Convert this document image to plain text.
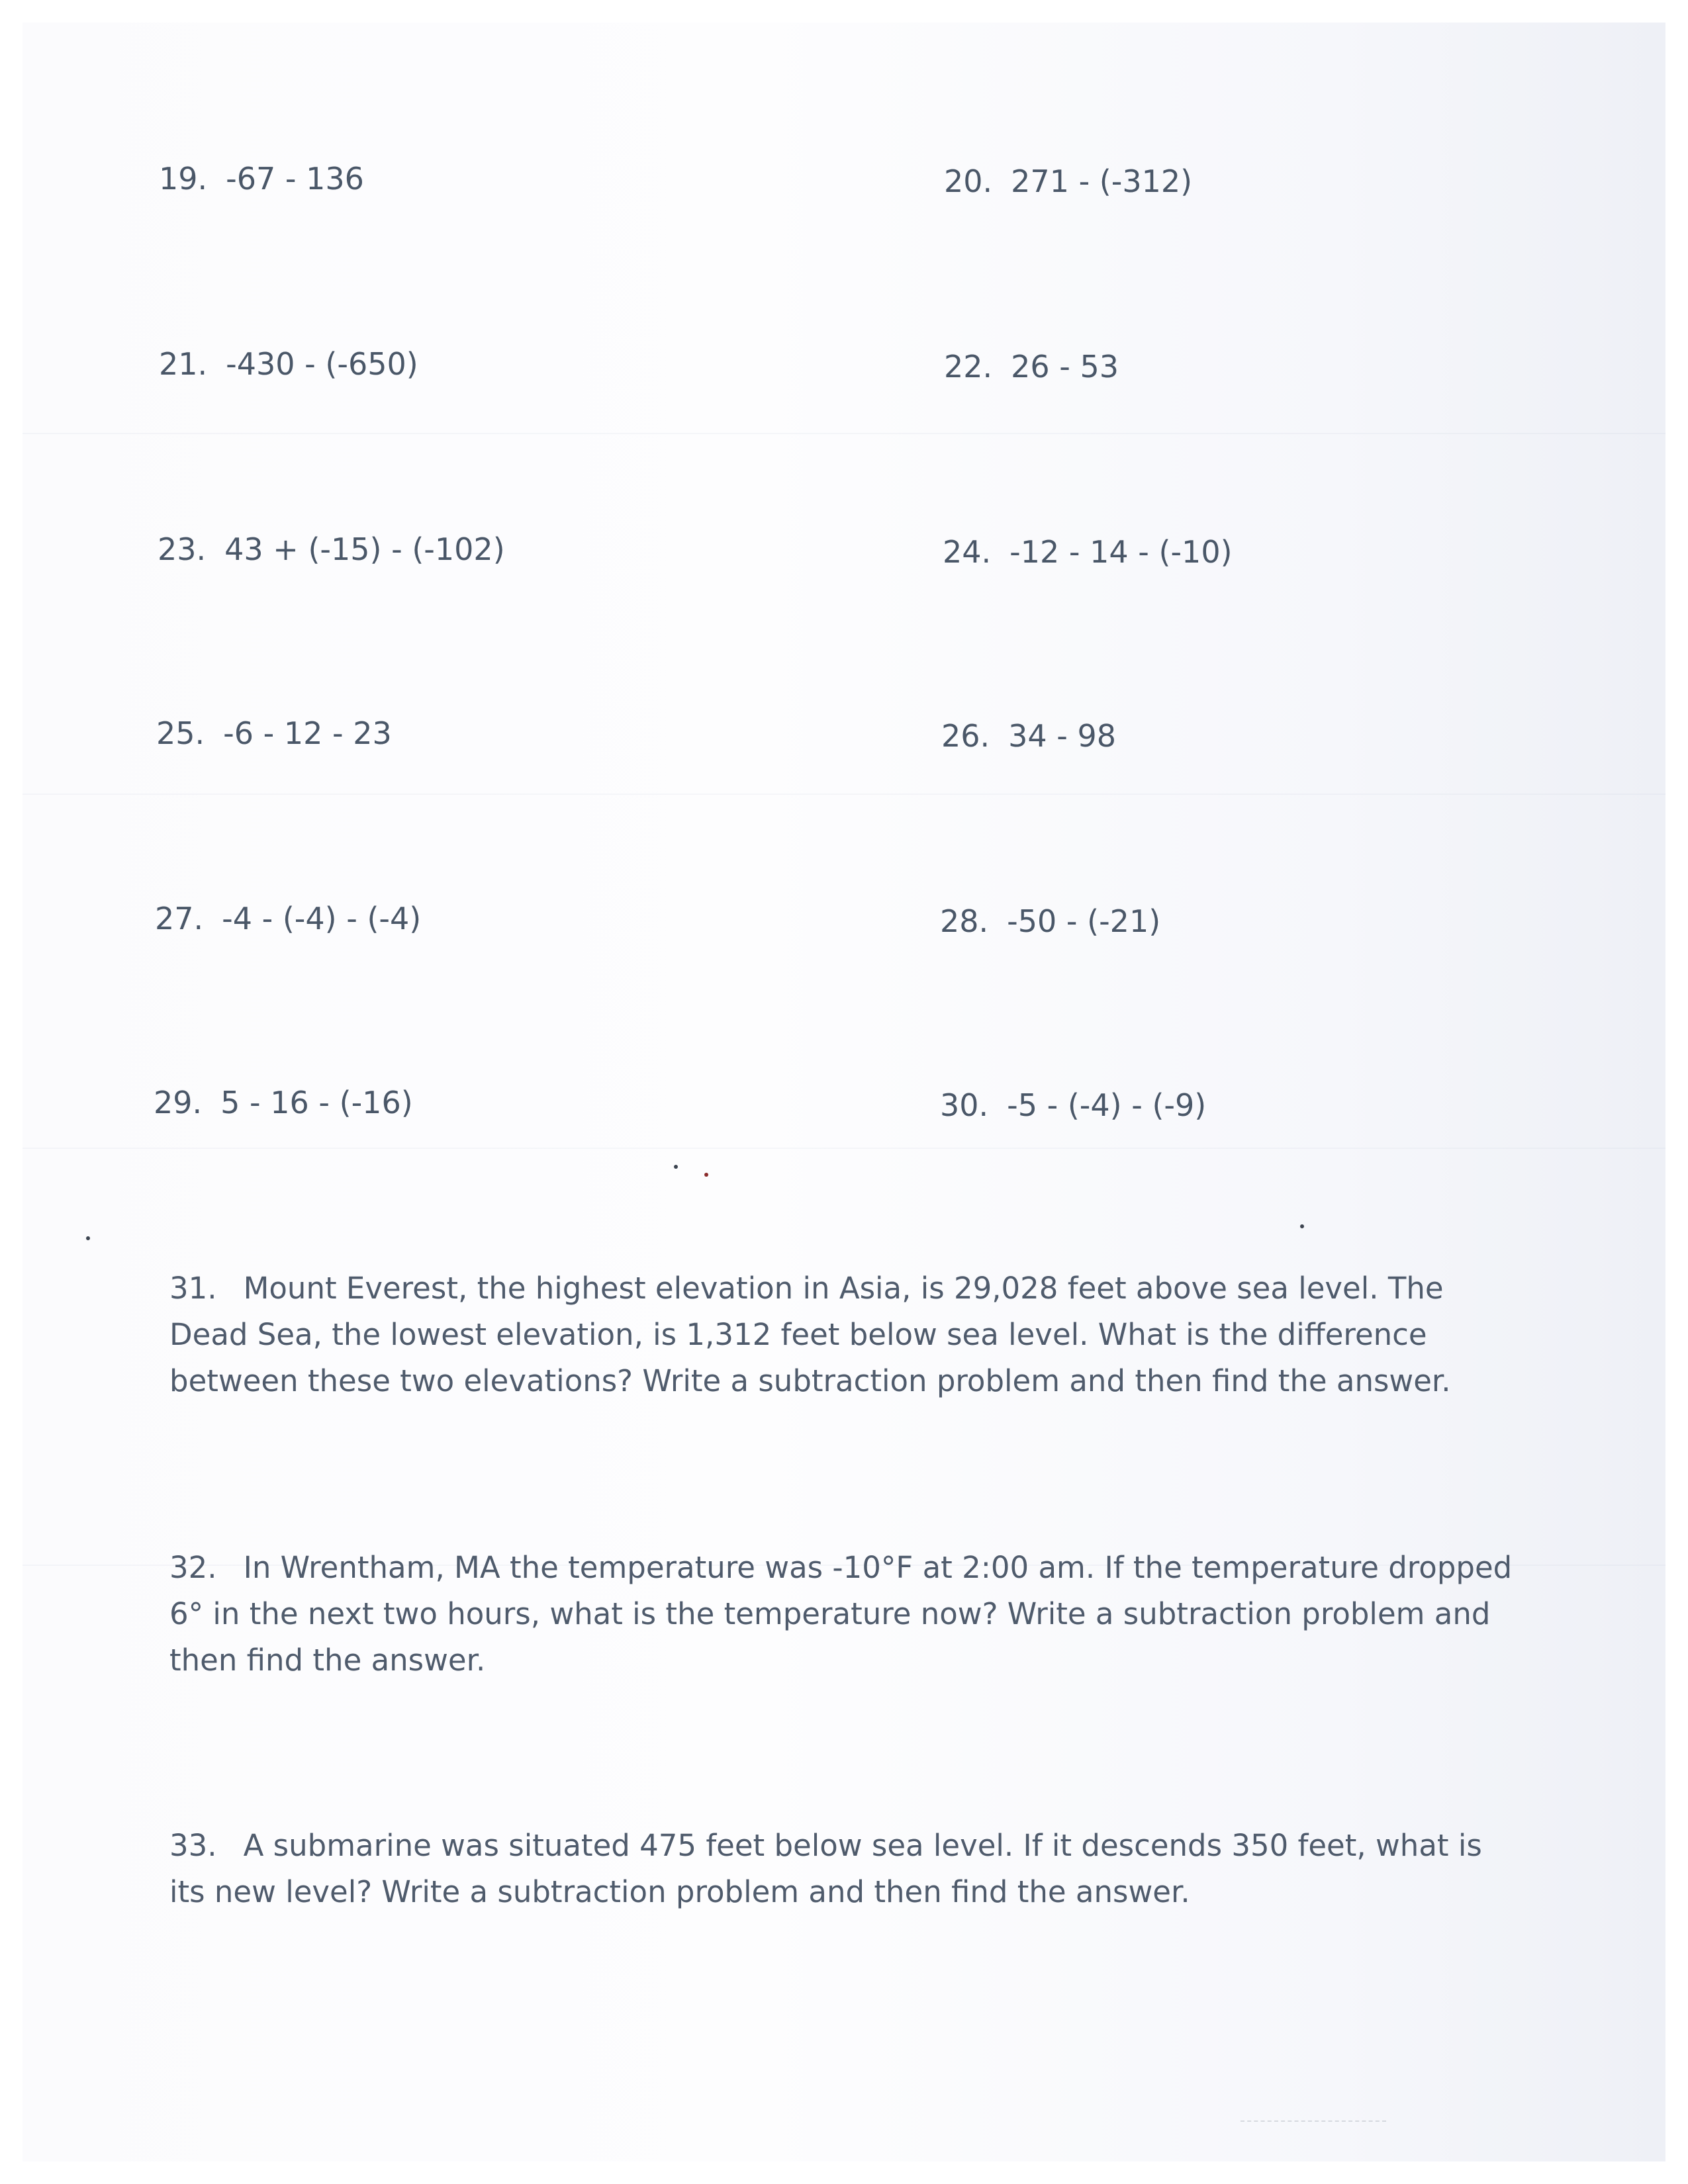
19. -67 - 136	20. 271 - (-312)
21. -430 - (-650)	22. 26 - 53
23. 43 + (-15) - (-102)	24. -12 - 14 - (-10)
25. -6 - 12 - 23	26. 34 - 98
27. -4 - (-4) - (-4)	28. -50 - (-21)
29. 5 - 16 - (-16)	30. -5 - (-4) - (-9)
31. Mount Everest, the highest elevation in Asia, is 29,028 feet above sea level. The Dead Sea, the lowest elevation, is 1,312 feet below sea level. What is the difference between these two elevations? Write a subtraction problem and then find the answer.
32. In Wrentham, MA the temperature was -10°F at 2:00 am. If the temperature dropped 6° in the next two hours, what is the temperature now? Write a subtraction problem and then find the answer.
33. A submarine was situated 475 feet below sea level. If it descends 350 feet, what is its new level? Write a subtraction problem and then find the answer.
